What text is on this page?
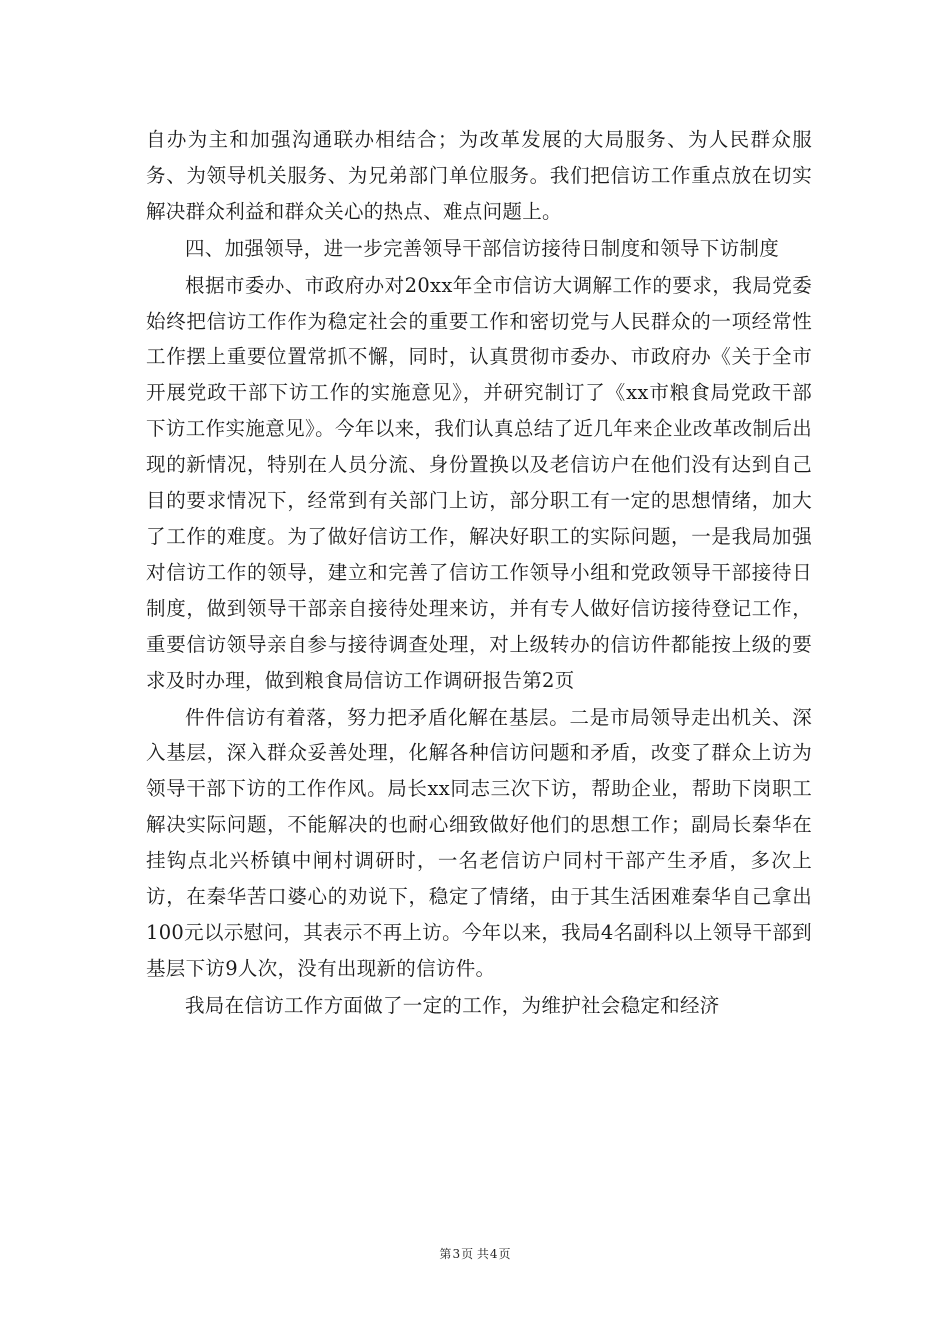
自办为主和加强沟通联办相结合；为改革发展的大局服务、为人民群众服务、为领导机关服务、为兄弟部门单位服务。我们把信访工作重点放在切实解决群众利益和群众关心的热点、难点问题上。

四、加强领导，进一步完善领导干部信访接待日制度和领导下访制度

根据市委办、市政府办对20xx年全市信访大调解工作的要求，我局党委始终把信访工作作为稳定社会的重要工作和密切党与人民群众的一项经常性工作摆上重要位置常抓不懈，同时，认真贯彻市委办、市政府办《关于全市开展党政干部下访工作的实施意见》，并研究制订了《xx市粮食局党政干部下访工作实施意见》。今年以来，我们认真总结了近几年来企业改革改制后出现的新情况，特别在人员分流、身份置换以及老信访户在他们没有达到自己目的要求情况下，经常到有关部门上访，部分职工有一定的思想情绪，加大了工作的难度。为了做好信访工作，解决好职工的实际问题，一是我局加强对信访工作的领导，建立和完善了信访工作领导小组和党政领导干部接待日制度，做到领导干部亲自接待处理来访，并有专人做好信访接待登记工作，重要信访领导亲自参与接待调查处理，对上级转办的信访件都能按上级的要求及时办理，做到粮食局信访工作调研报告第2页

件件信访有着落，努力把矛盾化解在基层。二是市局领导走出机关、深入基层，深入群众妥善处理，化解各种信访问题和矛盾，改变了群众上访为领导干部下访的工作作风。局长xx同志三次下访，帮助企业，帮助下岗职工解决实际问题，不能解决的也耐心细致做好他们的思想工作；副局长秦华在挂钩点北兴桥镇中闸村调研时，一名老信访户同村干部产生矛盾，多次上访，在秦华苦口婆心的劝说下，稳定了情绪，由于其生活困难秦华自己拿出100元以示慰问，其表示不再上访。今年以来，我局4名副科以上领导干部到基层下访9人次，没有出现新的信访件。

我局在信访工作方面做了一定的工作，为维护社会稳定和经济

第3页 共4页
